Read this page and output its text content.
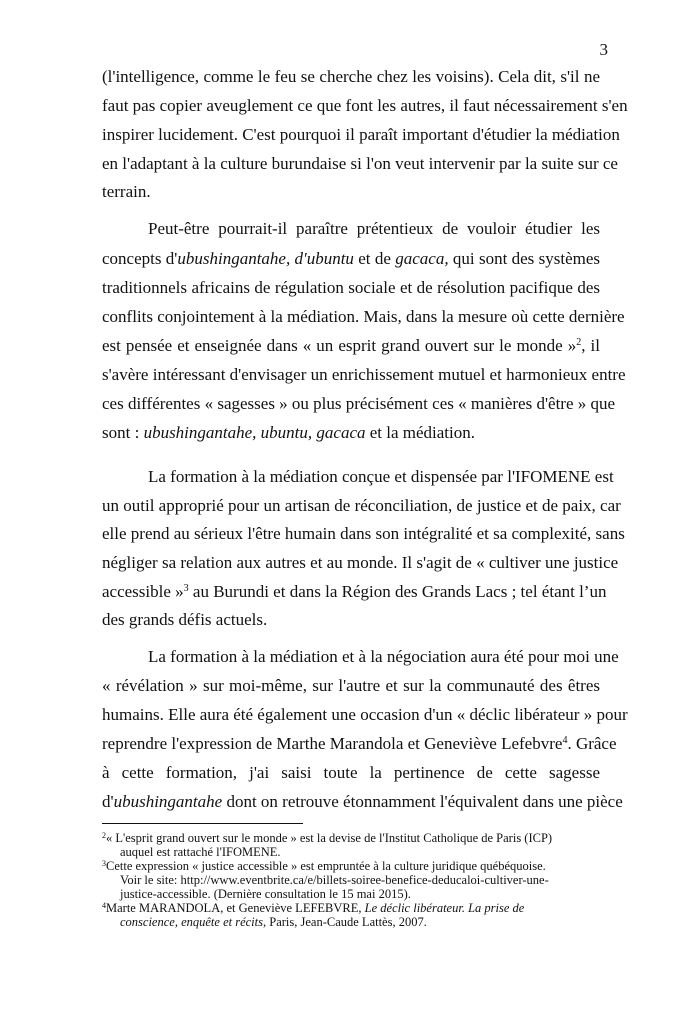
3
(l'intelligence, comme le feu se cherche chez les voisins). Cela dit, s'il ne
faut pas copier aveuglement ce que font les autres, il faut nécessairement s'en
inspirer lucidement. C'est pourquoi il paraît important d'étudier la médiation
en l'adaptant à la culture burundaise si l'on veut intervenir par la suite sur ce
terrain.
Peut-être pourrait-il paraître prétentieux de vouloir étudier les
concepts d'ubushingantahe, d'ubuntu et de gacaca, qui sont des systèmes
traditionnels africains de régulation sociale et de résolution pacifique des
conflits conjointement à la médiation. Mais, dans la mesure où cette dernière
est pensée et enseignée dans « un esprit grand ouvert sur le monde »$^2$, il
s'avère intéressant d'envisager un enrichissement mutuel et harmonieux entre
ces différentes « sagesses » ou plus précisément ces « manières d'être » que
sont : ubushingantahe, ubuntu, gacaca et la médiation.
La formation à la médiation conçue et dispensée par l'IFOMENE est
un outil approprié pour un artisan de réconciliation, de justice et de paix, car
elle prend au sérieux l'être humain dans son intégralité et sa complexité, sans
négliger sa relation aux autres et au monde. Il s'agit de « cultiver une justice
accessible »$^3$ au Burundi et dans la Région des Grands Lacs ; tel étant l’un
des grands défis actuels.
La formation à la médiation et à la négociation aura été pour moi une
« révélation » sur moi-même, sur l'autre et sur la communauté des êtres
humains. Elle aura été également une occasion d'un « déclic libérateur » pour
reprendre l'expression de Marthe Marandola et Geneviève Lefebvre$^4$. Grâce
à cette formation, j'ai saisi toute la pertinence de cette sagesse
d'ubushingantahe dont on retrouve étonnamment l'équivalent dans une pièce
$^2$« L'esprit grand ouvert sur le monde » est la devise de l'Institut Catholique de Paris (ICP)
auquel est rattaché l'IFOMENE.
$^3$Cette expression « justice accessible » est empruntée à la culture juridique québéquoise.
Voir le site: http://www.eventbrite.ca/e/billets-soiree-benefice-deducaloi-cultiver-une-
justice-accessible. (Dernière consultation le 15 mai 2015).
$^4$Marte MARANDOLA, et Geneviève LEFEBVRE, Le déclic libérateur. La prise de
conscience, enquête et récits, Paris, Jean-Caude Lattès, 2007.
